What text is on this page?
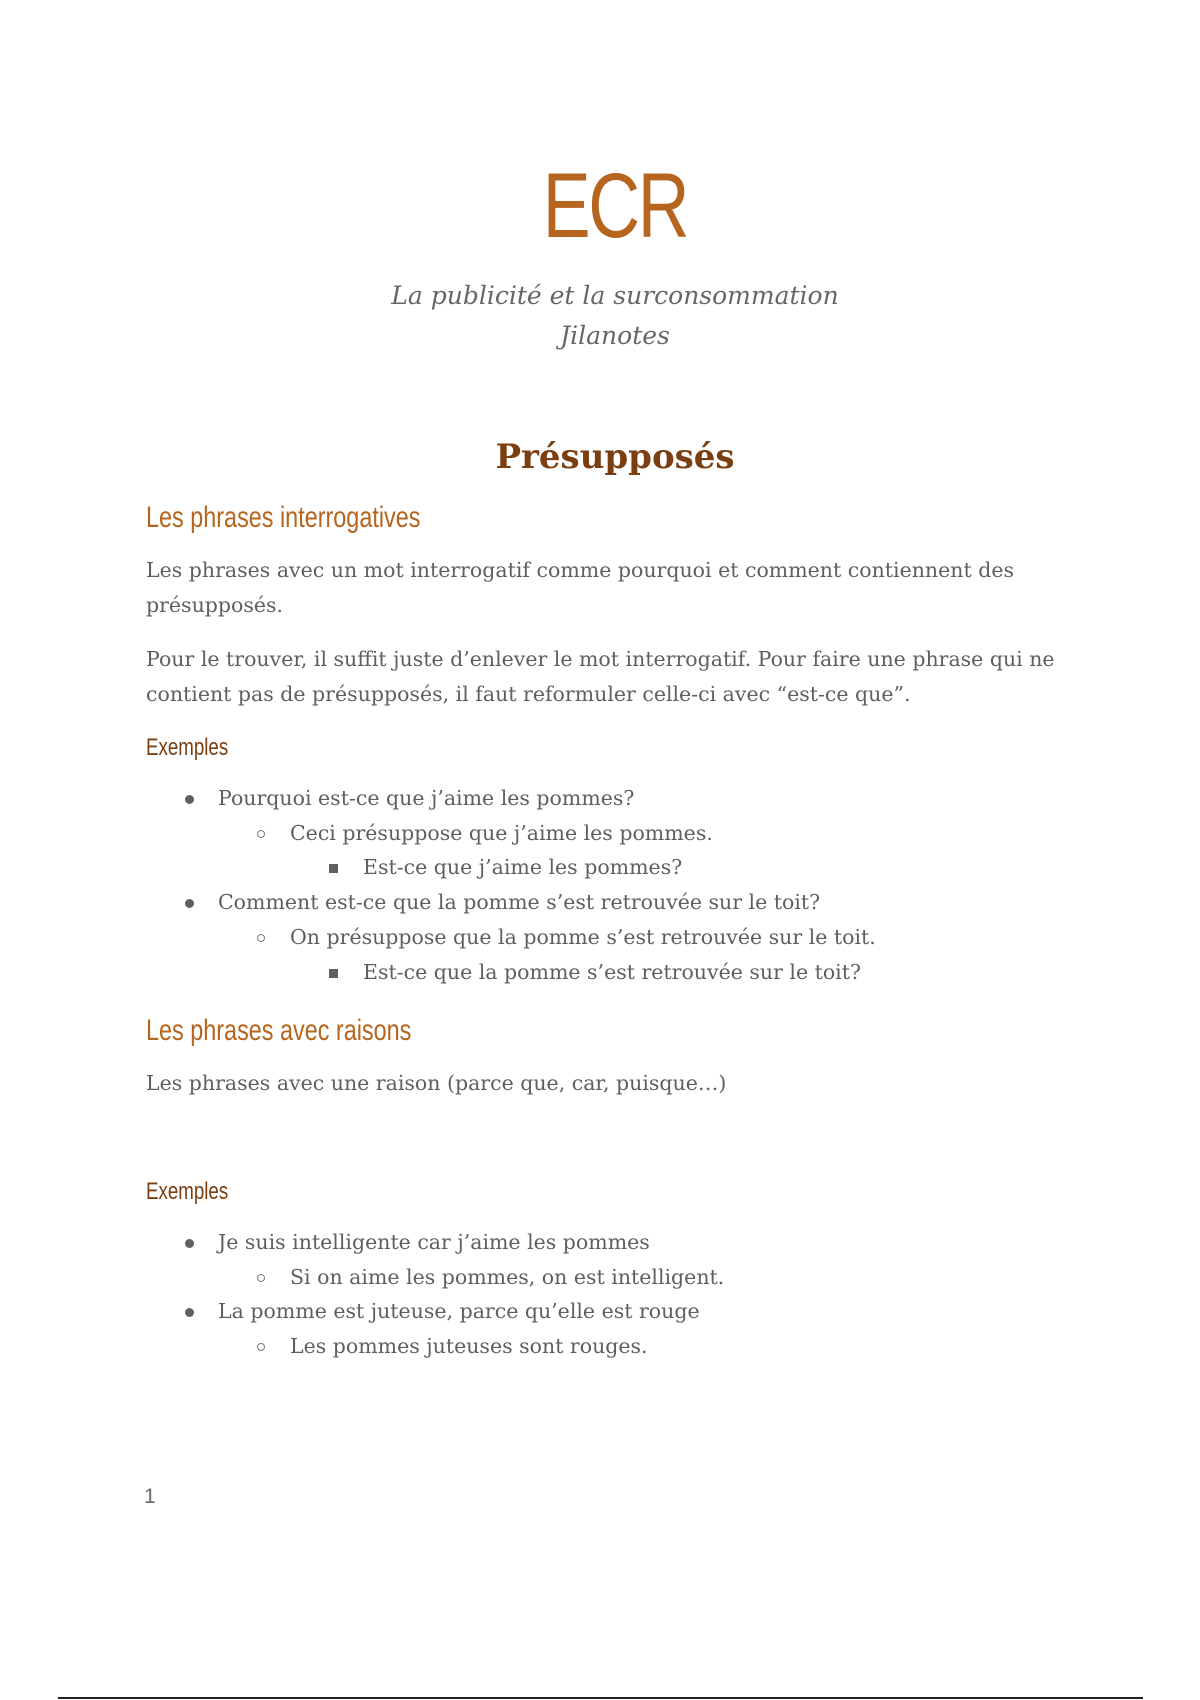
ECR
La publicité et la surconsommation
Jilanotes
Présupposés
Les phrases interrogatives

Les phrases avec un mot interrogatif comme pourquoi et comment contiennent des présupposés.

Pour le trouver, il suffit juste d’enlever le mot interrogatif. Pour faire une phrase qui ne contient pas de présupposés, il faut reformuler celle-ci avec “est-ce que”.

Exemples
Pourquoi est-ce que j’aime les pommes?
Ceci présuppose que j’aime les pommes.
Est-ce que j’aime les pommes?
Comment est-ce que la pomme s’est retrouvée sur le toit?
On présuppose que la pomme s’est retrouvée sur le toit.
Est-ce que la pomme s’est retrouvée sur le toit?
Les phrases avec raisons

Les phrases avec une raison (parce que, car, puisque…)

Exemples
Je suis intelligente car j’aime les pommes
Si on aime les pommes, on est intelligent.
La pomme est juteuse, parce qu’elle est rouge
Les pommes juteuses sont rouges.
1
